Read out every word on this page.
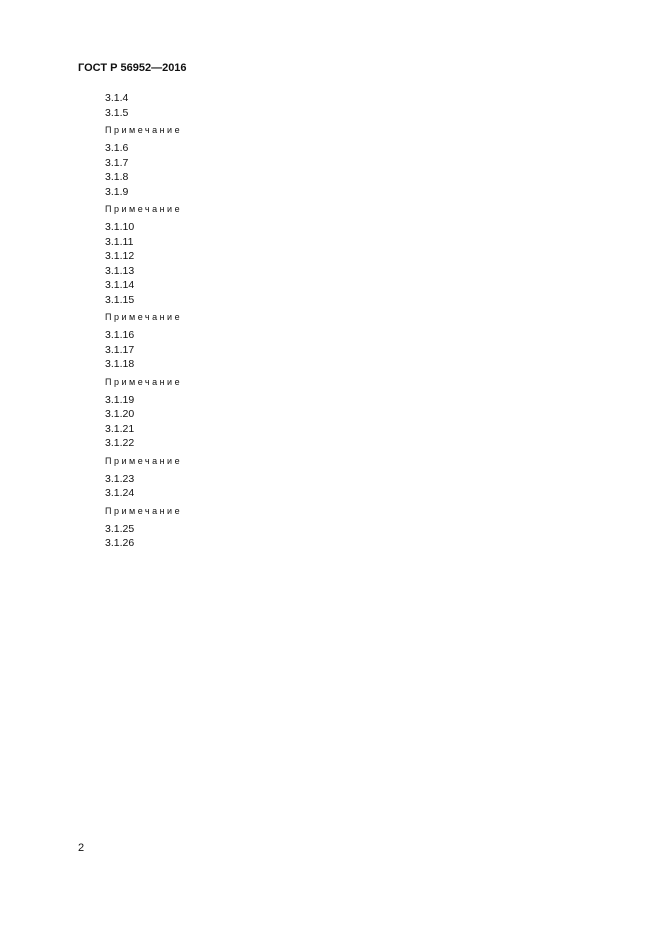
ГОСТ Р 56952—2016

3.1.4

3.1.5

Примечание

3.1.6

3.1.7

3.1.8

3.1.9

Примечание

3.1.10

3.1.11

3.1.12

3.1.13

3.1.14

3.1.15

Примечание

3.1.16

3.1.17

3.1.18

Примечание

3.1.19

3.1.20

3.1.21

3.1.22

Примечание

3.1.23

3.1.24

Примечание

3.1.25

3.1.26

2
